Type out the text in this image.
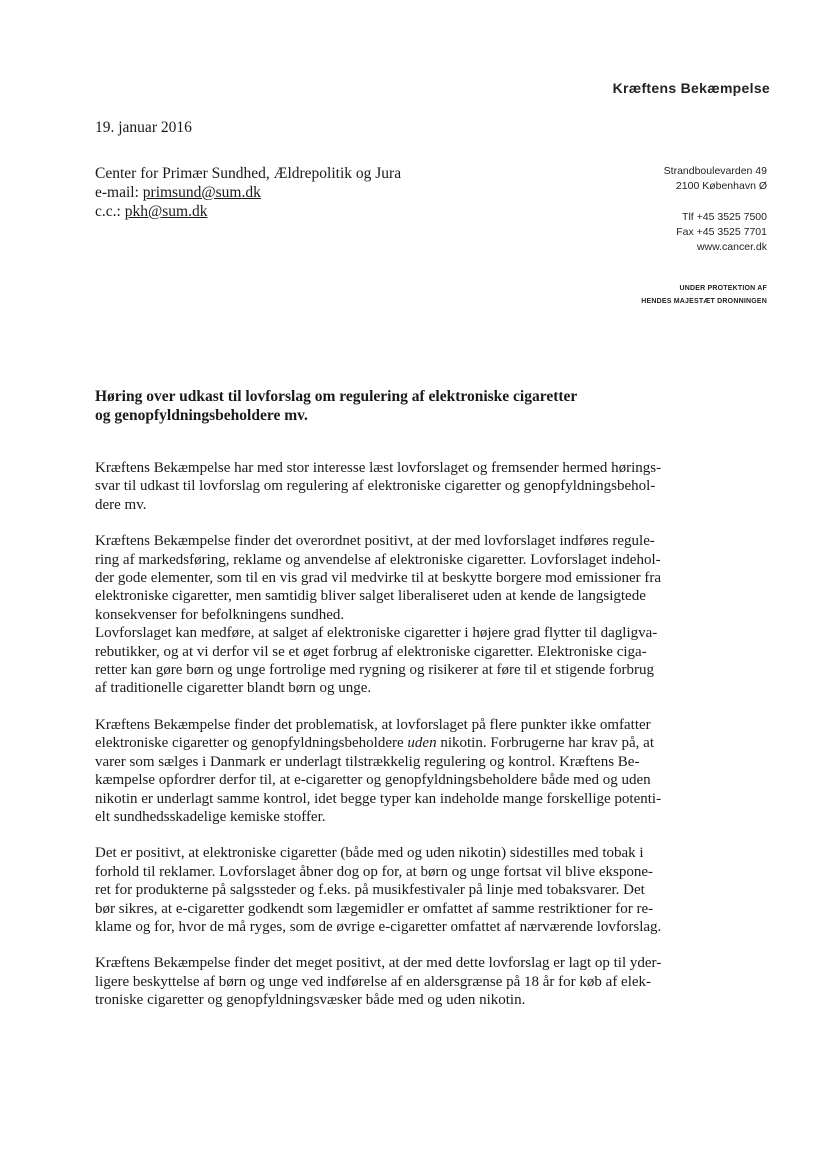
Kræftens Bekæmpelse
19. januar 2016
Center for Primær Sundhed, Ældrepolitik og Jura
e-mail: primsund@sum.dk
c.c.: pkh@sum.dk
Strandboulevarden 49
2100 København Ø
Tlf +45 3525 7500
Fax +45 3525 7701
www.cancer.dk
UNDER PROTEKTION AF
HENDES MAJESTÆT DRONNINGEN
Høring over udkast til lovforslag om regulering af elektroniske cigaretter
og genopfyldningsbeholdere mv.

Kræftens Bekæmpelse har med stor interesse læst lovforslaget og fremsender hermed hørings-
svar til udkast til lovforslag om regulering af elektroniske cigaretter og genopfyldningsbehol-
dere mv.

Kræftens Bekæmpelse finder det overordnet positivt, at der med lovforslaget indføres regule-
ring af markedsføring, reklame og anvendelse af elektroniske cigaretter. Lovforslaget indehol-
der gode elementer, som til en vis grad vil medvirke til at beskytte borgere mod emissioner fra
elektroniske cigaretter, men samtidig bliver salget liberaliseret uden at kende de langsigtede
konsekvenser for befolkningens sundhed.

Lovforslaget kan medføre, at salget af elektroniske cigaretter i højere grad flytter til dagligva-
rebutikker, og at vi derfor vil se et øget forbrug af elektroniske cigaretter. Elektroniske ciga-
retter kan gøre børn og unge fortrolige med rygning og risikerer at føre til et stigende forbrug
af traditionelle cigaretter blandt børn og unge.

Kræftens Bekæmpelse finder det problematisk, at lovforslaget på flere punkter ikke omfatter
elektroniske cigaretter og genopfyldningsbeholdere uden nikotin. Forbrugerne har krav på, at
varer som sælges i Danmark er underlagt tilstrækkelig regulering og kontrol. Kræftens Be-
kæmpelse opfordrer derfor til, at e-cigaretter og genopfyldningsbeholdere både med og uden
nikotin er underlagt samme kontrol, idet begge typer kan indeholde mange forskellige potenti-
elt sundhedsskadelige kemiske stoffer.

Det er positivt, at elektroniske cigaretter (både med og uden nikotin) sidestilles med tobak i
forhold til reklamer. Lovforslaget åbner dog op for, at børn og unge fortsat vil blive ekspone-
ret for produkterne på salgssteder og f.eks. på musikfestivaler på linje med tobaksvarer. Det
bør sikres, at e-cigaretter godkendt som lægemidler er omfattet af samme restriktioner for re-
klame og for, hvor de må ryges, som de øvrige e-cigaretter omfattet af nærværende lovforslag.

Kræftens Bekæmpelse finder det meget positivt, at der med dette lovforslag er lagt op til yder-
ligere beskyttelse af børn og unge ved indførelse af en aldersgrænse på 18 år for køb af elek-
troniske cigaretter og genopfyldningsvæsker både med og uden nikotin.
